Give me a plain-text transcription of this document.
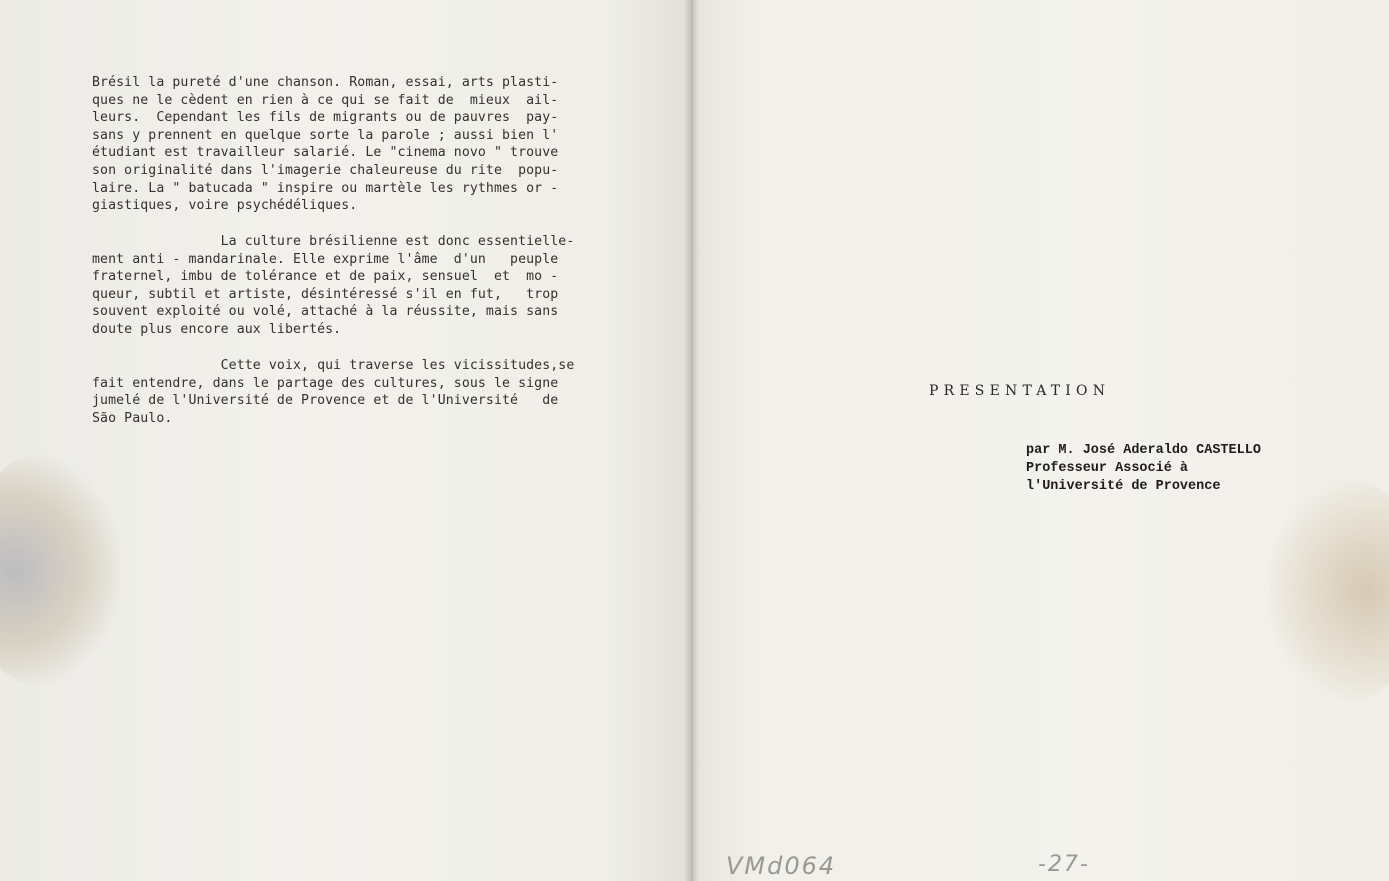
Brésil la pureté d'une chanson. Roman, essai, arts plasti-
ques ne le cèdent en rien à ce qui se fait de  mieux  ail-
leurs.  Cependant les fils de migrants ou de pauvres  pay-
sans y prennent en quelque sorte la parole ; aussi bien l'
étudiant est travailleur salarié. Le "cinema novo " trouve
son originalité dans l'imagerie chaleureuse du rite  popu-
laire. La " batucada " inspire ou martèle les rythmes or -
giastiques, voire psychédéliques.
La culture brésilienne est donc essentielle-
ment anti - mandarinale. Elle exprime l'âme  d'un   peuple
fraternel, imbu de tolérance et de paix, sensuel  et  mo -
queur, subtil et artiste, désintéressé s'il en fut,   trop
souvent exploité ou volé, attaché à la réussite, mais sans
doute plus encore aux libertés.
Cette voix, qui traverse les vicissitudes,se
fait entendre, dans le partage des cultures, sous le signe
jumelé de l'Université de Provence et de l'Université   de
São Paulo.
PRESENTATION
par M. José Aderaldo CASTELLO
Professeur Associé à
l'Université de Provence
VMd064	-27-
